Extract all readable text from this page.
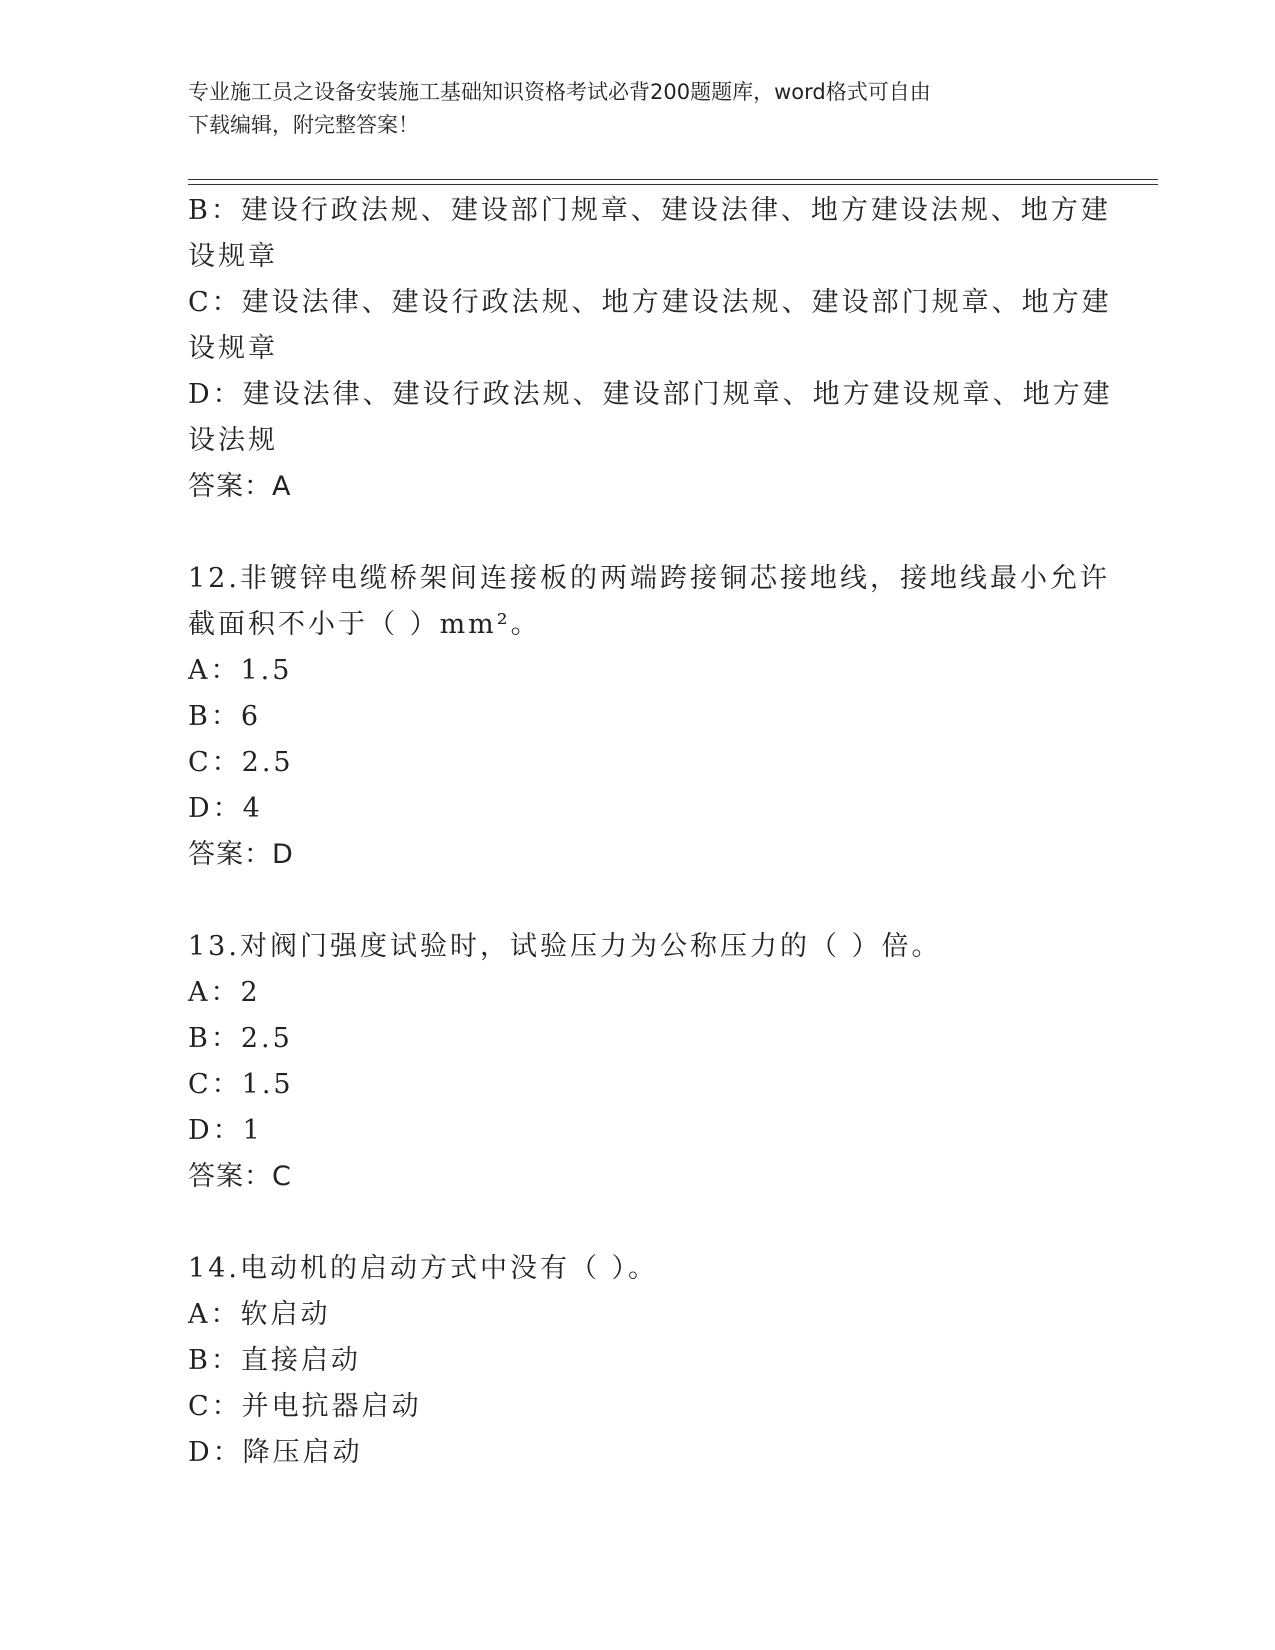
专业施工员之设备安装施工基础知识资格考试必背200题题库，word格式可自由
下载编辑，附完整答案！
B：建设行政法规、建设部门规章、建设法律、地方建设法规、地方建
设规章
C：建设法律、建设行政法规、地方建设法规、建设部门规章、地方建
设规章
D：建设法律、建设行政法规、建设部门规章、地方建设规章、地方建
设法规
答案：A
12.非镀锌电缆桥架间连接板的两端跨接铜芯接地线，接地线最小允许
截面积不小于（ ）mm²。
A：1.5
B：6
C：2.5
D：4
答案：D
13.对阀门强度试验时，试验压力为公称压力的（ ）倍。
A：2
B：2.5
C：1.5
D：1
答案：C
14.电动机的启动方式中没有（ ）。
A：软启动
B：直接启动
C：并电抗器启动
D：降压启动
